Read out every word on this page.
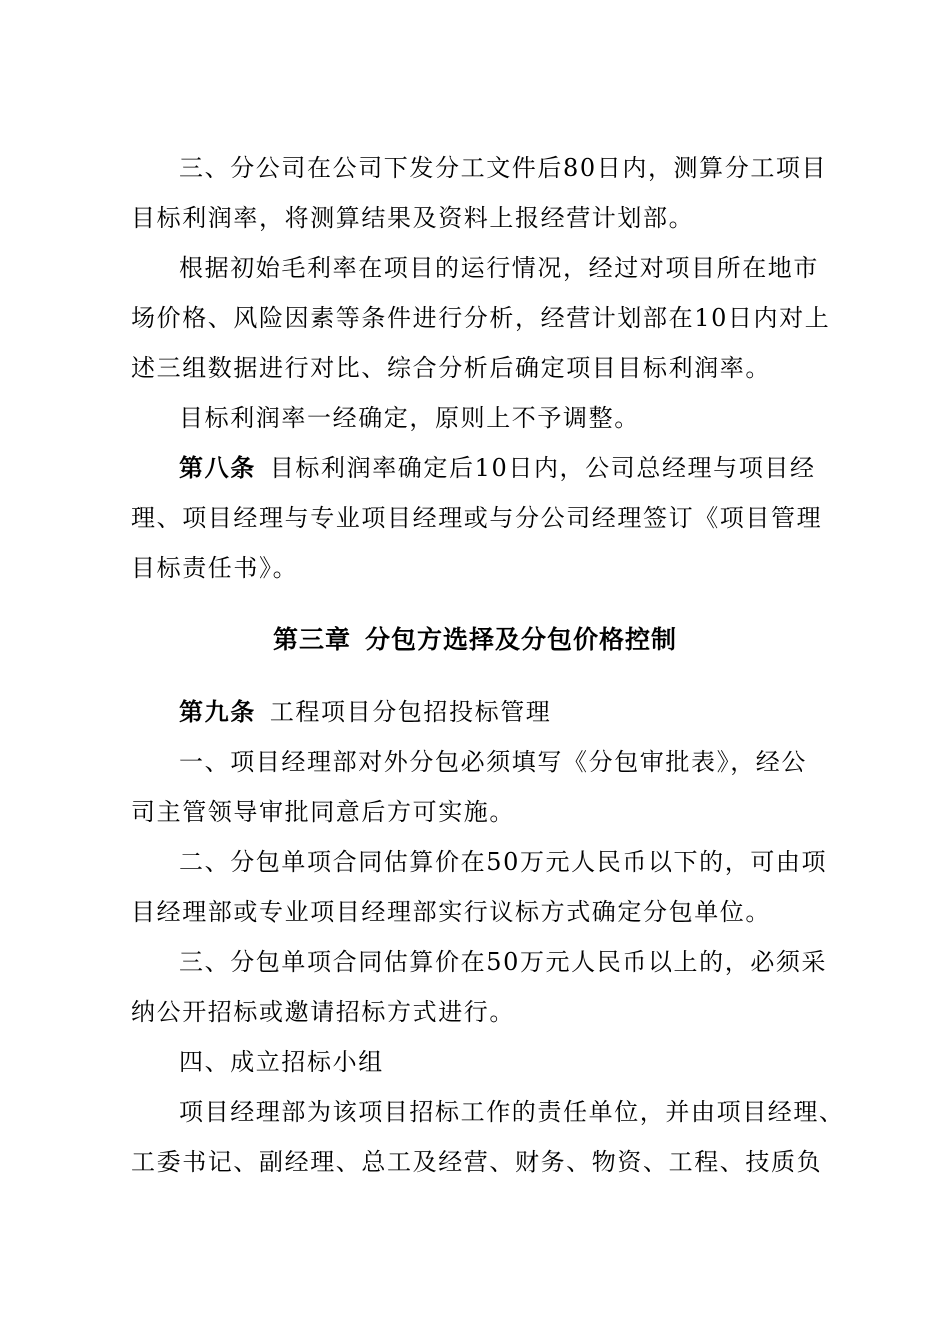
三、分公司在公司下发分工文件后80日内，测算分工项目
目标利润率，将测算结果及资料上报经营计划部。
根据初始毛利率在项目的运行情况，经过对项目所在地市
场价格、风险因素等条件进行分析，经营计划部在10日内对上
述三组数据进行对比、综合分析后确定项目目标利润率。
目标利润率一经确定，原则上不予调整。
第八条 目标利润率确定后10日内，公司总经理与项目经
理、项目经理与专业项目经理或与分公司经理签订《项目管理
目标责任书》。
第三章 分包方选择及分包价格控制
第九条 工程项目分包招投标管理
一、项目经理部对外分包必须填写《分包审批表》，经公
司主管领导审批同意后方可实施。
二、分包单项合同估算价在50万元人民币以下的，可由项
目经理部或专业项目经理部实行议标方式确定分包单位。
三、分包单项合同估算价在50万元人民币以上的，必须采
纳公开招标或邀请招标方式进行。
四、成立招标小组
项目经理部为该项目招标工作的责任单位，并由项目经理、
工委书记、副经理、总工及经营、财务、物资、工程、技质负
